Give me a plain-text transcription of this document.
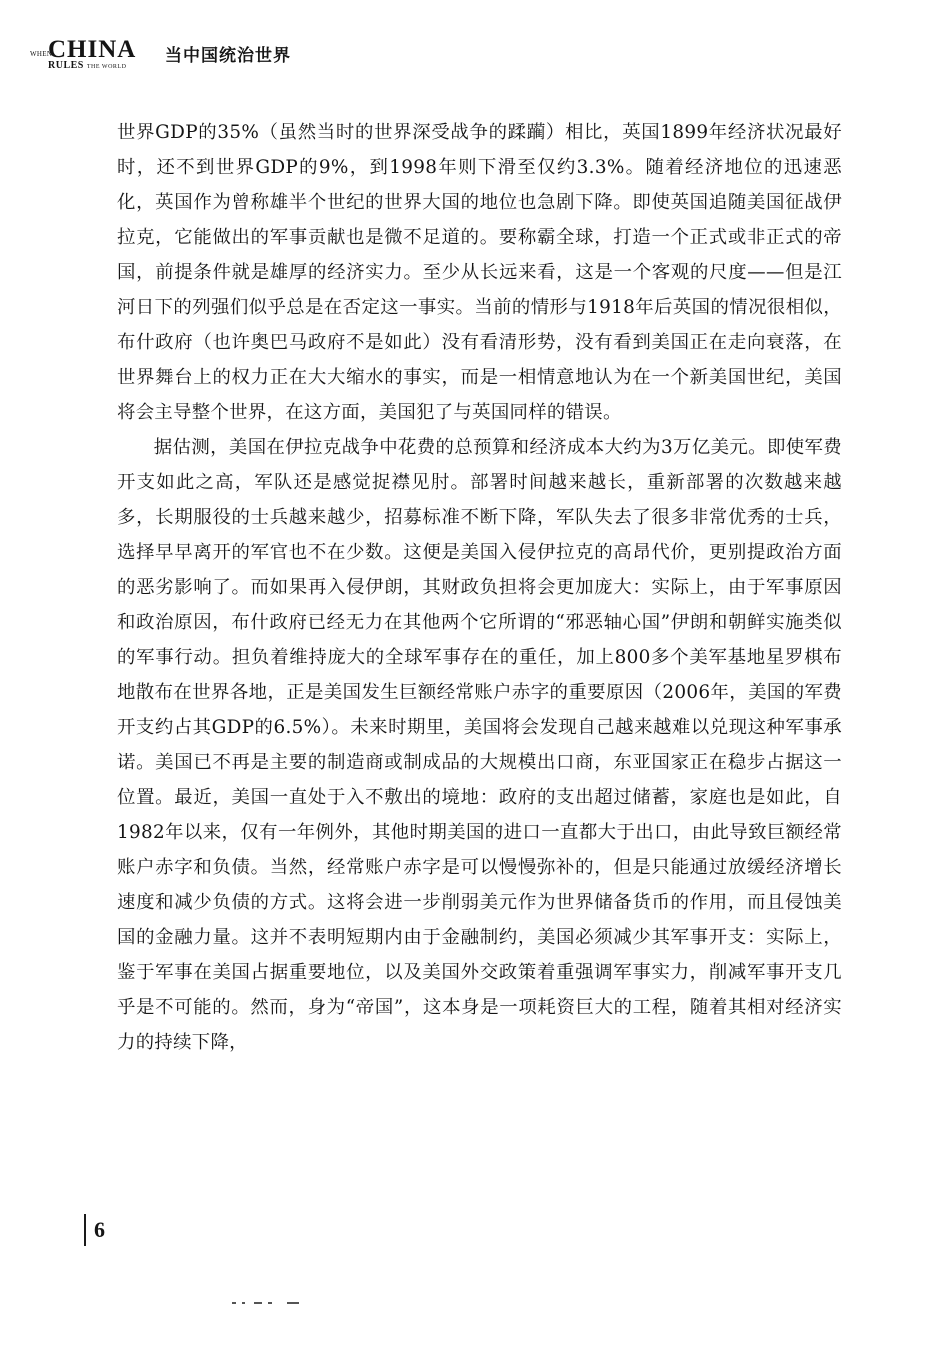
WHEN
CHINA
RULES THE WORLD
当中国统治世界

世界GDP的35%（虽然当时的世界深受战争的蹂躏）相比，英国1899年经济状况最好时，还不到世界GDP的9%，到1998年则下滑至仅约3.3%。随着经济地位的迅速恶化，英国作为曾称雄半个世纪的世界大国的地位也急剧下降。即使英国追随美国征战伊拉克，它能做出的军事贡献也是微不足道的。要称霸全球，打造一个正式或非正式的帝国，前提条件就是雄厚的经济实力。至少从长远来看，这是一个客观的尺度——但是江河日下的列强们似乎总是在否定这一事实。当前的情形与1918年后英国的情况很相似，布什政府（也许奥巴马政府不是如此）没有看清形势，没有看到美国正在走向衰落，在世界舞台上的权力正在大大缩水的事实，而是一相情意地认为在一个新美国世纪，美国将会主导整个世界，在这方面，美国犯了与英国同样的错误。

据估测，美国在伊拉克战争中花费的总预算和经济成本大约为3万亿美元。即使军费开支如此之高，军队还是感觉捉襟见肘。部署时间越来越长，重新部署的次数越来越多，长期服役的士兵越来越少，招募标准不断下降，军队失去了很多非常优秀的士兵，选择早早离开的军官也不在少数。这便是美国入侵伊拉克的高昂代价，更别提政治方面的恶劣影响了。而如果再入侵伊朗，其财政负担将会更加庞大：实际上，由于军事原因和政治原因，布什政府已经无力在其他两个它所谓的“邪恶轴心国”伊朗和朝鲜实施类似的军事行动。担负着维持庞大的全球军事存在的重任，加上800多个美军基地星罗棋布地散布在世界各地，正是美国发生巨额经常账户赤字的重要原因（2006年，美国的军费开支约占其GDP的6.5%）。未来时期里，美国将会发现自己越来越难以兑现这种军事承诺。美国已不再是主要的制造商或制成品的大规模出口商，东亚国家正在稳步占据这一位置。最近，美国一直处于入不敷出的境地：政府的支出超过储蓄，家庭也是如此，自1982年以来，仅有一年例外，其他时期美国的进口一直都大于出口，由此导致巨额经常账户赤字和负债。当然，经常账户赤字是可以慢慢弥补的，但是只能通过放缓经济增长速度和减少负债的方式。这将会进一步削弱美元作为世界储备货币的作用，而且侵蚀美国的金融力量。这并不表明短期内由于金融制约，美国必须减少其军事开支：实际上，鉴于军事在美国占据重要地位，以及美国外交政策着重强调军事实力，削减军事开支几乎是不可能的。然而，身为“帝国”，这本身是一项耗资巨大的工程，随着其相对经济实力的持续下降，

6
